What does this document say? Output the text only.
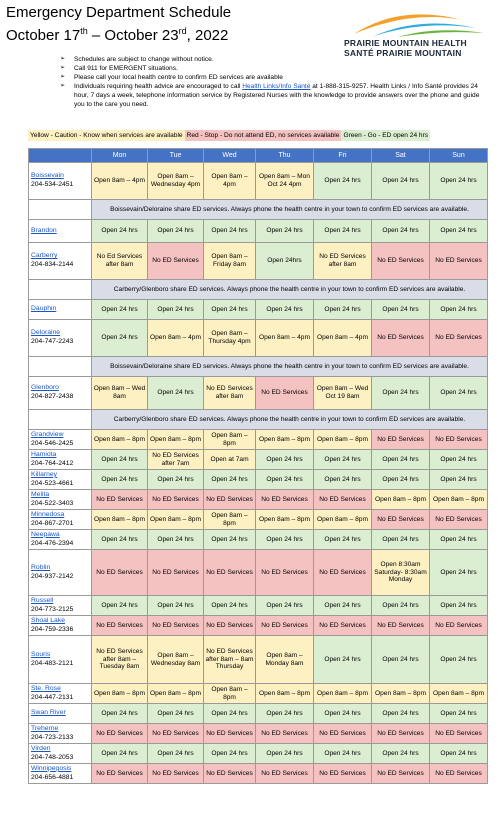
Emergency Department Schedule
October 17th – October 23rd, 2022	PRAIRIE MOUNTAIN HEALTH
SANTÉ PRAIRIE MOUNTAIN
➢ Schedules are subject to change without notice.
➢ Call 911 for EMERGENT situations.
➢ Please call your local health centre to confirm ED services are available
➢ Individuals requiring health advice are encouraged to call Health Links/Info Santé at 1-888-315-9257. Health Links / Info Santé provides 24 hour, 7 days a week, telephone information service by Registered Nurses with the knowledge to provide answers over the phone and guide you to the care you need.
Yellow - Caution - Know when services are available Red - Stop - Do not attend ED, no services available Green - Go - ED open 24 hrs
	Mon	Tue	Wed	Thu	Fri	Sat	Sun

Boissevain
204-534-2451	Open 8am – 4pm	Open 8am – Wednesday 4pm	Open 8am –4pm	Open 8am – Mon Oct 24 4pm	Open 24 hrs	Open 24 hrs	Open 24 hrs
	Boissevain/Deloraine share ED services. Always phone the health centre in your town to confirm ED services are available.						

Brandon	Open 24 hrs	Open 24 hrs	Open 24 hrs	Open 24 hrs	Open 24 hrs	Open 24 hrs	Open 24 hrs

Carberry
204-834-2144	No Ed Services after 8am	No ED Services	Open 8am – Friday 8am	Open 24hrs	No ED Services after 8am	No ED Services	No ED Services
	Carberry/Glenboro share ED services. Always phone the health centre in your town to confirm ED services are available.						

Dauphin	Open 24 hrs	Open 24 hrs	Open 24 hrs	Open 24 hrs	Open 24 hrs	Open 24 hrs	Open 24 hrs

Deloraine
204-747-2243	Open 24 hrs	Open 8am – 4pm	Open 8am – Thursday 4pm	Open 8am – 4pm	Open 8am – 4pm	No ED Services	No ED Services
	Boissevain/Deloraine share ED services. Always phone the health centre in your town to confirm ED services are available.						

Glenboro
204-827-2438	Open 8am – Wed 8am	Open 24 hrs	No ED Services after 8am	No ED Services	Open 8am – Wed Oct 19 8am	Open 24 hrs	Open 24 hrs
	Carberry/Glenboro share ED services. Always phone the health centre in your town to confirm ED services are available.						

Grandview
204-546-2425	Open 8am – 8pm	Open 8am – 8pm	Open 8am – 8pm	Open 8am – 8pm	Open 8am – 8pm	No ED Services	No ED Services

Hamiota
204-764-2412	Open 24 hrs	No ED Services after 7am	Open at 7am	Open 24 hrs	Open 24 hrs	Open 24 hrs	Open 24 hrs

Killarney
204-523-4661	Open 24 hrs	Open 24 hrs	Open 24 hrs	Open 24 hrs	Open 24 hrs	Open 24 hrs	Open 24 hrs

Melita
204-522-3403	No ED Services	No ED Services	No ED Services	No ED Services	No ED Services	Open 8am – 8pm	Open 8am – 8pm

Minnedosa
204-867-2701	Open 8am – 8pm	Open 8am – 8pm	Open 8am – 8pm	Open 8am – 8pm	Open 8am – 8pm	No ED Services	No ED Services

Neepawa
204-476-2394	Open 24 hrs	Open 24 hrs	Open 24 hrs	Open 24 hrs	Open 24 hrs	Open 24 hrs	Open 24 hrs

Roblin
204-937-2142	No ED Services	No ED Services	No ED Services	No ED Services	No ED Services	Open 8:30am Saturday- 8:30am Monday	Open 24 hrs

Russell
204-773-2125	Open 24 hrs	Open 24 hrs	Open 24 hrs	Open 24 hrs	Open 24 hrs	Open 24 hrs	Open 24 hrs

Shoal Lake
204-759-2336	No ED Services	No ED Services	No ED Services	No ED Services	No ED Services	No ED Services	No ED Services

Souris
204-483-2121	No ED Services after 8am – Tuesday 8am	Open 8am – Wednesday 8am	No ED Services after 8am – 8am Thursday	Open 8am – Monday 8am	Open 24 hrs	Open 24 hrs	Open 24 hrs

Ste. Rose
204-447-2131	Open 8am – 8pm	Open 8am – 8pm	Open 8am – 8pm	Open 8am – 8pm	Open 8am – 8pm	Open 8am – 8pm	Open 8am – 8pm

Swan River	Open 24 hrs	Open 24 hrs	Open 24 hrs	Open 24 hrs	Open 24 hrs	Open 24 hrs	Open 24 hrs

Treherne
204-723-2133	No ED Services	No ED Services	No ED Services	No ED Services	No ED Services	No ED Services	No ED Services

Virden
204-748-2053	Open 24 hrs	Open 24 hrs	Open 24 hrs	Open 24 hrs	Open 24 hrs	Open 24 hrs	Open 24 hrs

Winnipegosis
204-656-4881	No ED Services	No ED Services	No ED Services	No ED Services	No ED Services	No ED Services	No ED Services
